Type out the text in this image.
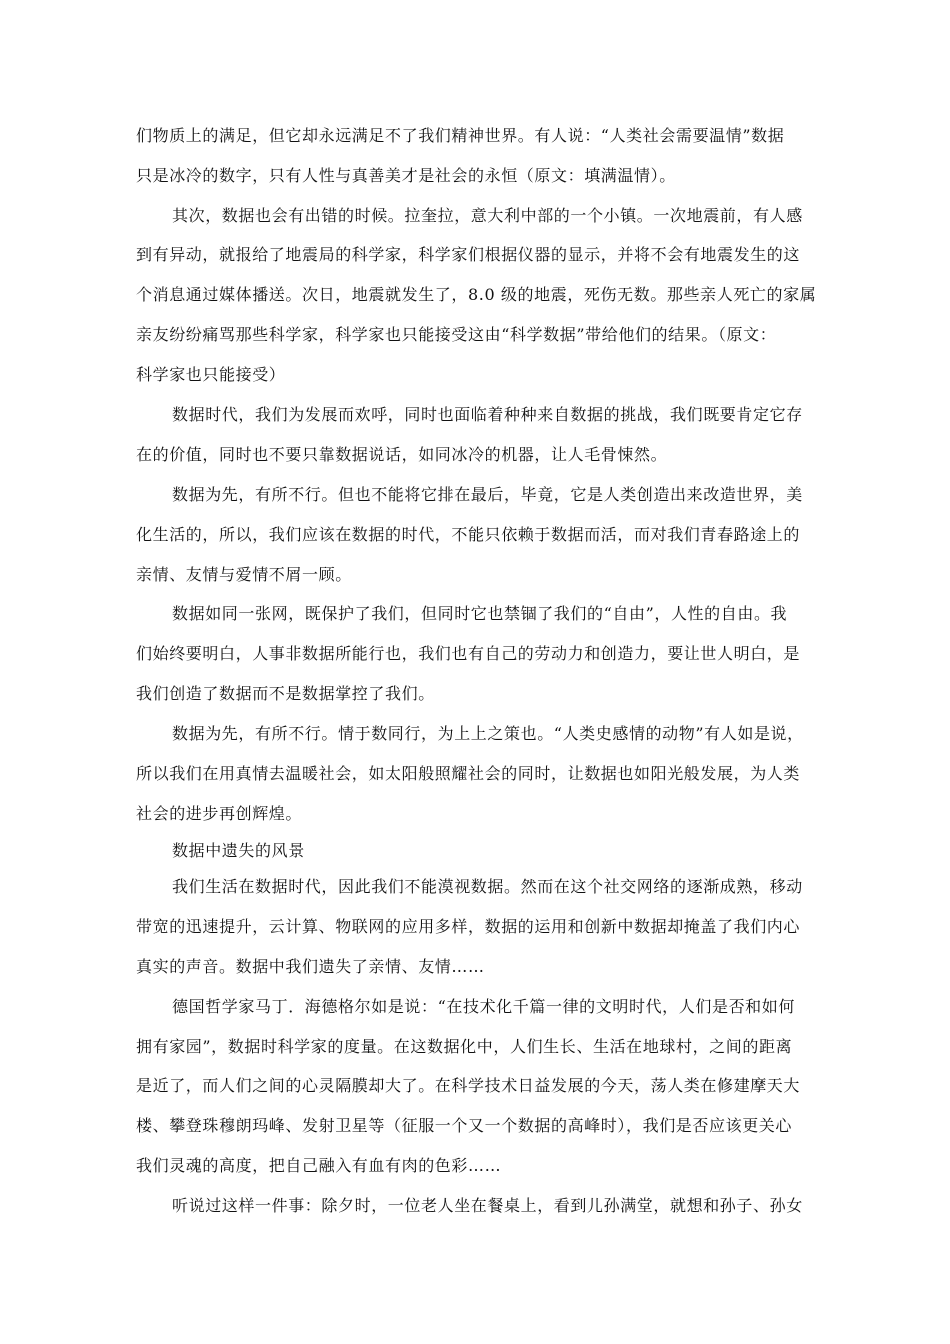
们物质上的满足，但它却永远满足不了我们精神世界。有人说：“人类社会需要温情”数据
只是冰冷的数字，只有人性与真善美才是社会的永恒（原文：填满温情）。
其次，数据也会有出错的时候。拉奎拉，意大利中部的一个小镇。一次地震前，有人感
到有异动，就报给了地震局的科学家，科学家们根据仪器的显示，并将不会有地震发生的这
个消息通过媒体播送。次日，地震就发生了，8.0 级的地震，死伤无数。那些亲人死亡的家属
亲友纷纷痛骂那些科学家，科学家也只能接受这由“科学数据”带给他们的结果。（原文：
科学家也只能接受）
数据时代，我们为发展而欢呼，同时也面临着种种来自数据的挑战，我们既要肯定它存
在的价值，同时也不要只靠数据说话，如同冰冷的机器，让人毛骨悚然。
数据为先，有所不行。但也不能将它排在最后，毕竟，它是人类创造出来改造世界，美
化生活的，所以，我们应该在数据的时代，不能只依赖于数据而活，而对我们青春路途上的
亲情、友情与爱情不屑一顾。
数据如同一张网，既保护了我们，但同时它也禁锢了我们的“自由”，人性的自由。我
们始终要明白，人事非数据所能行也，我们也有自己的劳动力和创造力，要让世人明白，是
我们创造了数据而不是数据掌控了我们。
数据为先，有所不行。情于数同行，为上上之策也。“人类史感情的动物”有人如是说，
所以我们在用真情去温暖社会，如太阳般照耀社会的同时，让数据也如阳光般发展，为人类
社会的进步再创辉煌。
数据中遗失的风景
我们生活在数据时代，因此我们不能漠视数据。然而在这个社交网络的逐渐成熟，移动
带宽的迅速提升，云计算、物联网的应用多样，数据的运用和创新中数据却掩盖了我们内心
真实的声音。数据中我们遗失了亲情、友情……
德国哲学家马丁．海德格尔如是说：“在技术化千篇一律的文明时代，人们是否和如何
拥有家园”，数据时科学家的度量。在这数据化中，人们生长、生活在地球村，之间的距离
是近了，而人们之间的心灵隔膜却大了。在科学技术日益发展的今天，荡人类在修建摩天大
楼、攀登珠穆朗玛峰、发射卫星等（征服一个又一个数据的高峰时），我们是否应该更关心
我们灵魂的高度，把自己融入有血有肉的色彩……
听说过这样一件事：除夕时，一位老人坐在餐桌上，看到儿孙满堂，就想和孙子、孙女
